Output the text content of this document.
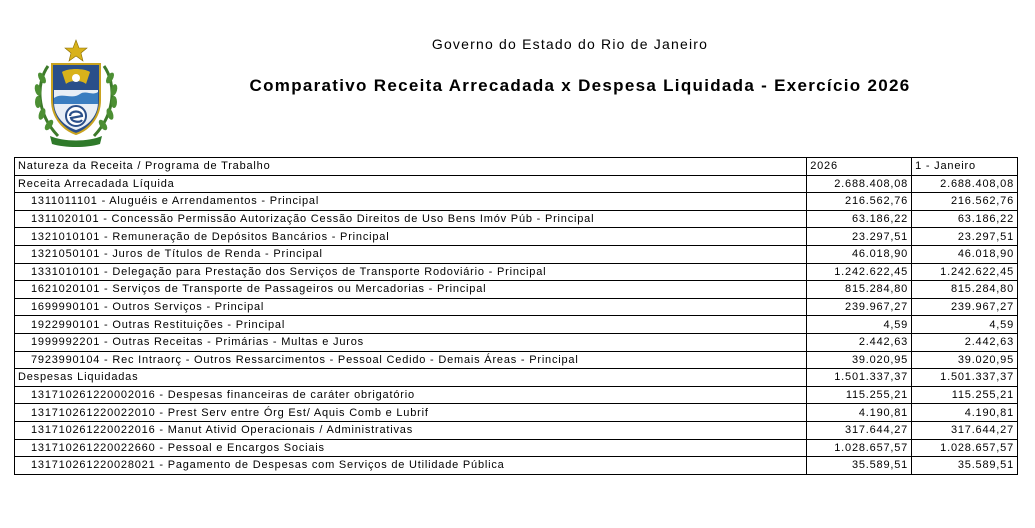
Governo do Estado do Rio de Janeiro
Comparativo Receita Arrecadada x Despesa Liquidada - Exercício 2026
Natureza da Receita / Programa de Trabalho	2026	1 - Janeiro
Receita Arrecadada Líquida	2.688.408,08	2.688.408,08
1311011101 - Aluguéis e Arrendamentos - Principal	216.562,76	216.562,76
1311020101 - Concessão Permissão Autorização Cessão Direitos de Uso Bens Imóv Púb - Principal	63.186,22	63.186,22
1321010101 - Remuneração de Depósitos Bancários - Principal	23.297,51	23.297,51
1321050101 - Juros de Títulos de Renda - Principal	46.018,90	46.018,90
1331010101 - Delegação para Prestação dos Serviços de Transporte Rodoviário - Principal	1.242.622,45	1.242.622,45
1621020101 - Serviços de Transporte de Passageiros ou Mercadorias - Principal	815.284,80	815.284,80
1699990101 - Outros Serviços - Principal	239.967,27	239.967,27
1922990101 - Outras Restituições - Principal	4,59	4,59
1999992201 - Outras Receitas - Primárias - Multas e Juros	2.442,63	2.442,63
7923990104 - Rec Intraorç - Outros Ressarcimentos - Pessoal Cedido - Demais Áreas - Principal	39.020,95	39.020,95
Despesas Liquidadas	1.501.337,37	1.501.337,37
131710261220002016 - Despesas financeiras de caráter obrigatório	115.255,21	115.255,21
131710261220022010 - Prest Serv entre Órg Est/ Aquis Comb e Lubrif	4.190,81	4.190,81
131710261220022016 - Manut Ativid Operacionais / Administrativas	317.644,27	317.644,27
131710261220022660 - Pessoal e Encargos Sociais	1.028.657,57	1.028.657,57
131710261220028021 - Pagamento de Despesas com Serviços de Utilidade Pública	35.589,51	35.589,51
